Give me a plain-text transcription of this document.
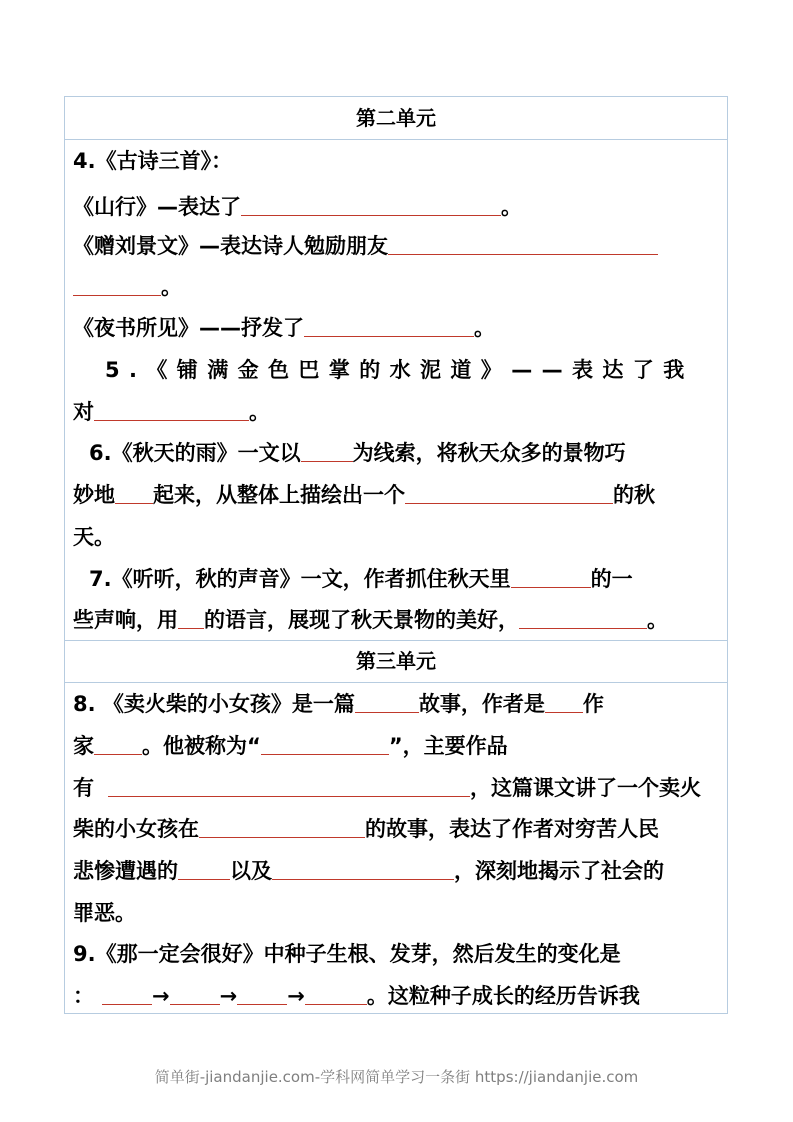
第二单元
4.《古诗三首》：
《山行》—表达了	。
《赠刘景文》—表达诗人勉励朋友
。
《夜书所见》——抒发了	。
5.《铺满金色巴掌的水泥道》——表达了我
对	。
6.《秋天的雨》一文以 为线索，将秋天众多的景物巧
妙地 起来，从整体上描绘出一个	的秋
天。
7.《听听，秋的声音》一文，作者抓住秋天里	的一
些声响，用 的语言，展现了秋天景物的美好，	。
第三单元
8. 《卖火柴的小女孩》是一篇	故事，作者是 作
家 。他被称为“	”，主要作品
有	，这篇课文讲了一个卖火
柴的小女孩在	的故事，表达了作者对穷苦人民
悲惨遭遇的 以及	，深刻地揭示了社会的
罪恶。
9.《那一定会很好》中种子生根、发芽，然后发生的变化是
：	→ → →	。这粒种子成长的经历告诉我
简单街-jiandanjie.com-学科网简单学习一条街 https://jiandanjie.com
